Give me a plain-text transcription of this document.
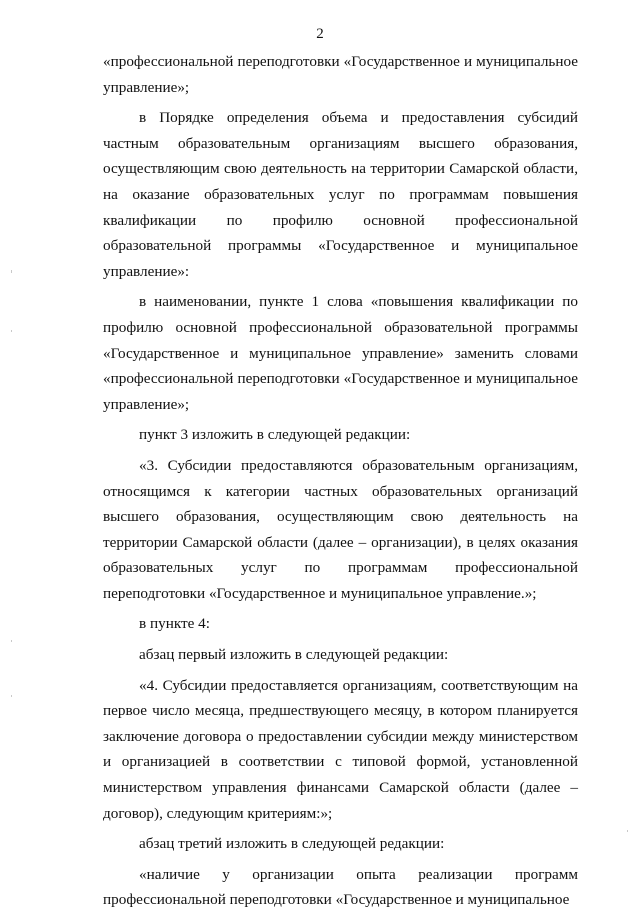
2

«профессиональной переподготовки «Государственное и муниципальное управление»;

в Порядке определения объема и предоставления субсидий частным образовательным организациям высшего образования, осуществляющим свою деятельность на территории Самарской области, на оказание образовательных услуг по программам повышения квалификации по профилю основной профессиональной образовательной программы «Государственное и муниципальное управление»:

в наименовании, пункте 1 слова «повышения квалификации по профилю основной профессиональной образовательной программы «Государственное и муниципальное управление» заменить словами «профессиональной переподготовки «Государственное и муниципальное управление»;

пункт 3 изложить в следующей редакции:

«3. Субсидии предоставляются образовательным организациям, относящимся к категории частных образовательных организаций высшего образования, осуществляющим свою деятельность на территории Самарской области (далее – организации), в целях оказания образовательных услуг по программам профессиональной переподготовки «Государственное и муниципальное управление.»;

в пункте 4:

абзац первый изложить в следующей редакции:

«4. Субсидии предоставляется организациям, соответствующим на первое число месяца, предшествующего месяцу, в котором планируется заключение договора о предоставлении субсидии между министерством и организацией в соответствии с типовой формой, установленной министерством управления финансами Самарской области (далее – договор), следующим критериям:»;

абзац третий изложить в следующей редакции:

«наличие у организации опыта реализации программ профессиональной переподготовки «Государственное и муниципальное
